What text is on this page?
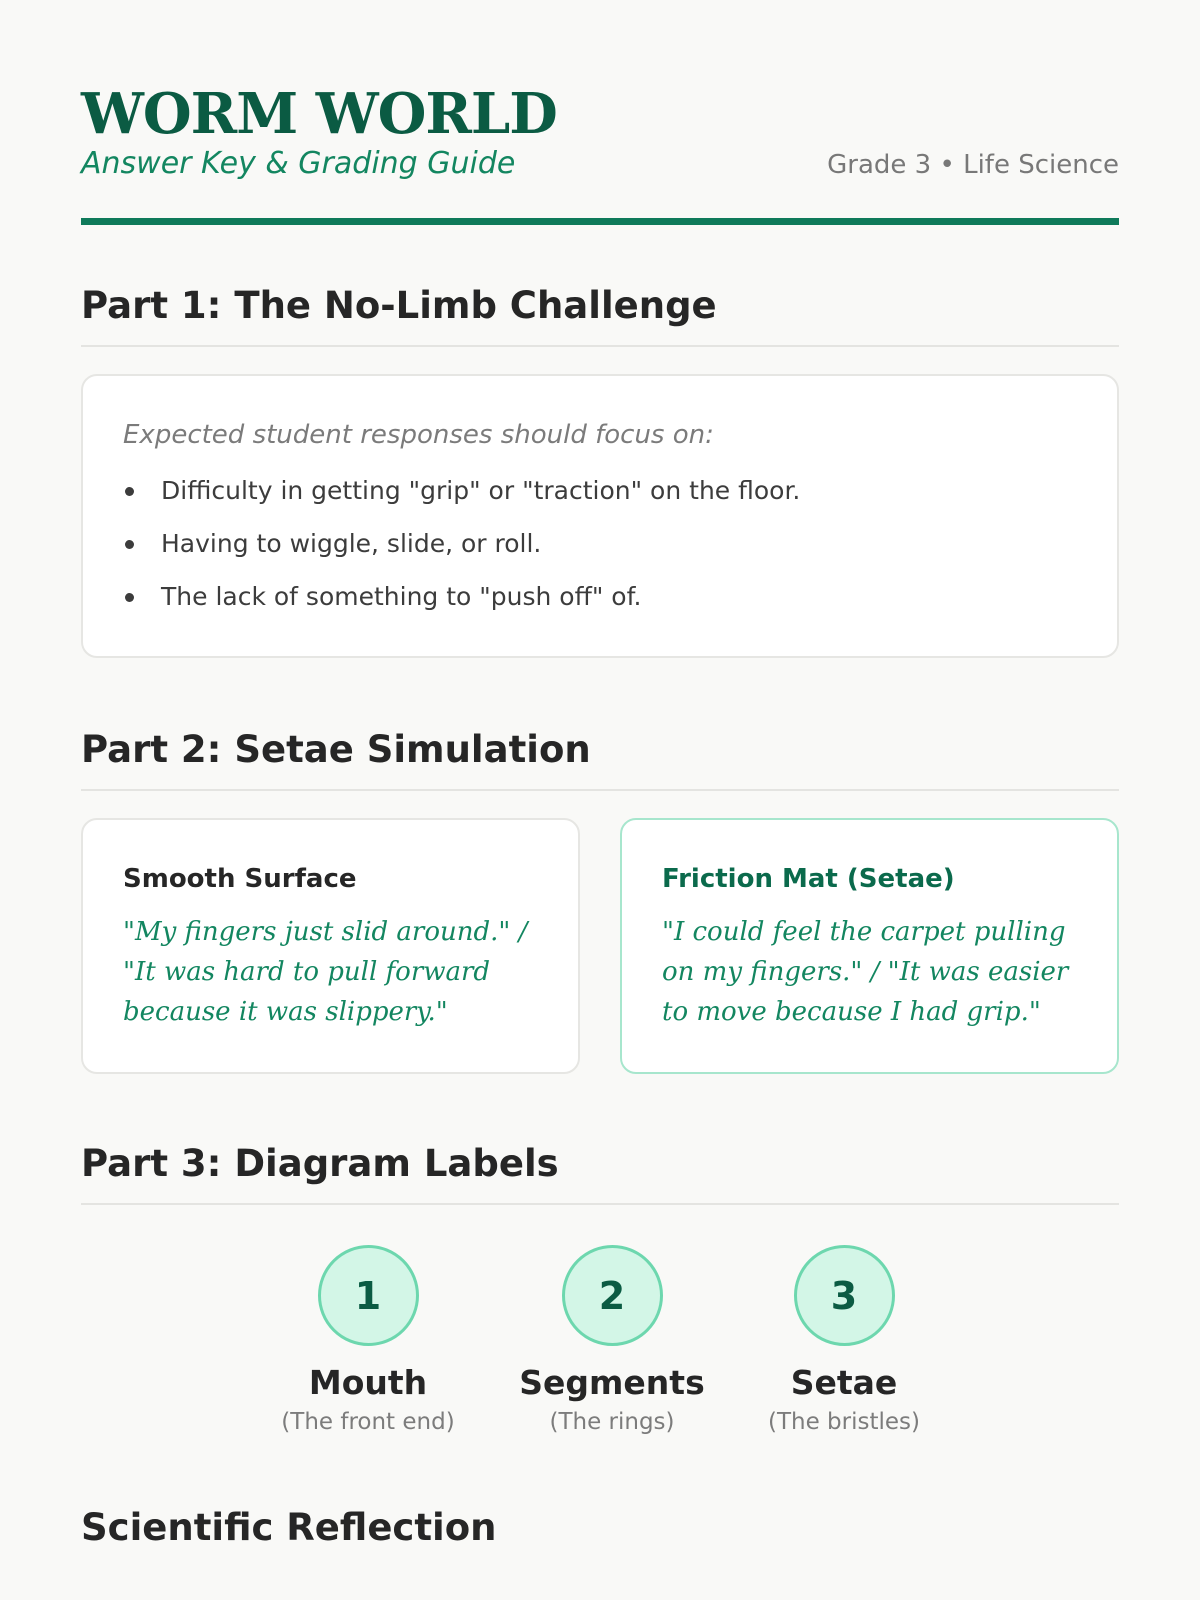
WORM WORLD
Answer Key & Grading Guide	Grade 3 • Life Science
Part 1: The No-Limb Challenge

Expected student responses should focus on:

Difficulty in getting "grip" or "traction" on the floor.
Having to wiggle, slide, or roll.
The lack of something to "push off" of.
Part 2: Setae Simulation

Smooth Surface

"My fingers just slid around." / "It was hard to pull forward because it was slippery."

Friction Mat (Setae)

"I could feel the carpet pulling on my fingers." / "It was easier to move because I had grip."

Part 3: Diagram Labels
1
Mouth
(The front end)
2
Segments
(The rings)
3
Setae
(The bristles)
Scientific Reflection
